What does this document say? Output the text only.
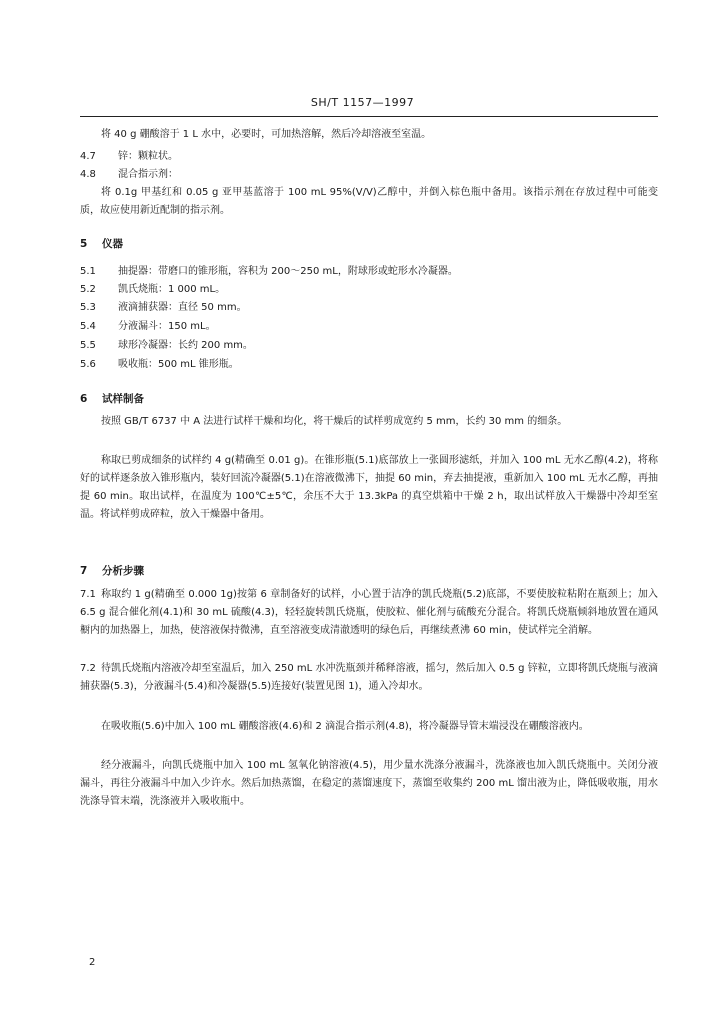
SH/T 1157—1997

将 40 g 硼酸溶于 1 L 水中，必要时，可加热溶解，然后冷却溶液至室温。

4.7 锌：颗粒状。
4.8 混合指示剂：

将 0.1g 甲基红和 0.05 g 亚甲基蓝溶于 100 mL 95%(V/V)乙醇中，并倒入棕色瓶中备用。该指示剂在存放过程中可能变质，故应使用新近配制的指示剂。

5 仪器
5.1 抽提器：带磨口的锥形瓶，容积为 200～250 mL，附球形或蛇形水冷凝器。
5.2 凯氏烧瓶：1 000 mL。
5.3 液滴捕获器：直径 50 mm。
5.4 分液漏斗：150 mL。
5.5 球形冷凝器：长约 200 mm。
5.6 吸收瓶：500 mL 锥形瓶。
6 试样制备

按照 GB/T 6737 中 A 法进行试样干燥和均化，将干燥后的试样剪成宽约 5 mm，长约 30 mm 的细条。

称取已剪成细条的试样约 4 g(精确至 0.01 g)。在锥形瓶(5.1)底部放上一张圆形滤纸，并加入 100 mL 无水乙醇(4.2)，将称好的试样逐条放入锥形瓶内，装好回流冷凝器(5.1)在溶液微沸下，抽提 60 min，弃去抽提液，重新加入 100 mL 无水乙醇，再抽提 60 min。取出试样，在温度为 100℃±5℃，余压不大于 13.3kPa 的真空烘箱中干燥 2 h，取出试样放入干燥器中冷却至室温。将试样剪成碎粒，放入干燥器中备用。

7 分析步骤

7.1 称取约 1 g(精确至 0.000 1g)按第 6 章制备好的试样，小心置于洁净的凯氏烧瓶(5.2)底部，不要使胶粒粘附在瓶颈上；加入 6.5 g 混合催化剂(4.1)和 30 mL 硫酸(4.3)，轻轻旋转凯氏烧瓶，使胶粒、催化剂与硫酸充分混合。将凯氏烧瓶倾斜地放置在通风橱内的加热器上，加热，使溶液保持微沸，直至溶液变成清澈透明的绿色后，再继续煮沸 60 min，使试样完全消解。

7.2 待凯氏烧瓶内溶液冷却至室温后，加入 250 mL 水冲洗瓶颈并稀释溶液，摇匀，然后加入 0.5 g 锌粒，立即将凯氏烧瓶与液滴捕获器(5.3)，分液漏斗(5.4)和冷凝器(5.5)连接好(装置见图 1)，通入冷却水。

在吸收瓶(5.6)中加入 100 mL 硼酸溶液(4.6)和 2 滴混合指示剂(4.8)，将冷凝器导管末端浸没在硼酸溶液内。

经分液漏斗，向凯氏烧瓶中加入 100 mL 氢氧化钠溶液(4.5)，用少量水洗涤分液漏斗，洗涤液也加入凯氏烧瓶中。关闭分液漏斗，再往分液漏斗中加入少许水。然后加热蒸馏，在稳定的蒸馏速度下，蒸馏至收集约 200 mL 馏出液为止，降低吸收瓶，用水洗涤导管末端，洗涤液并入吸收瓶中。

2
